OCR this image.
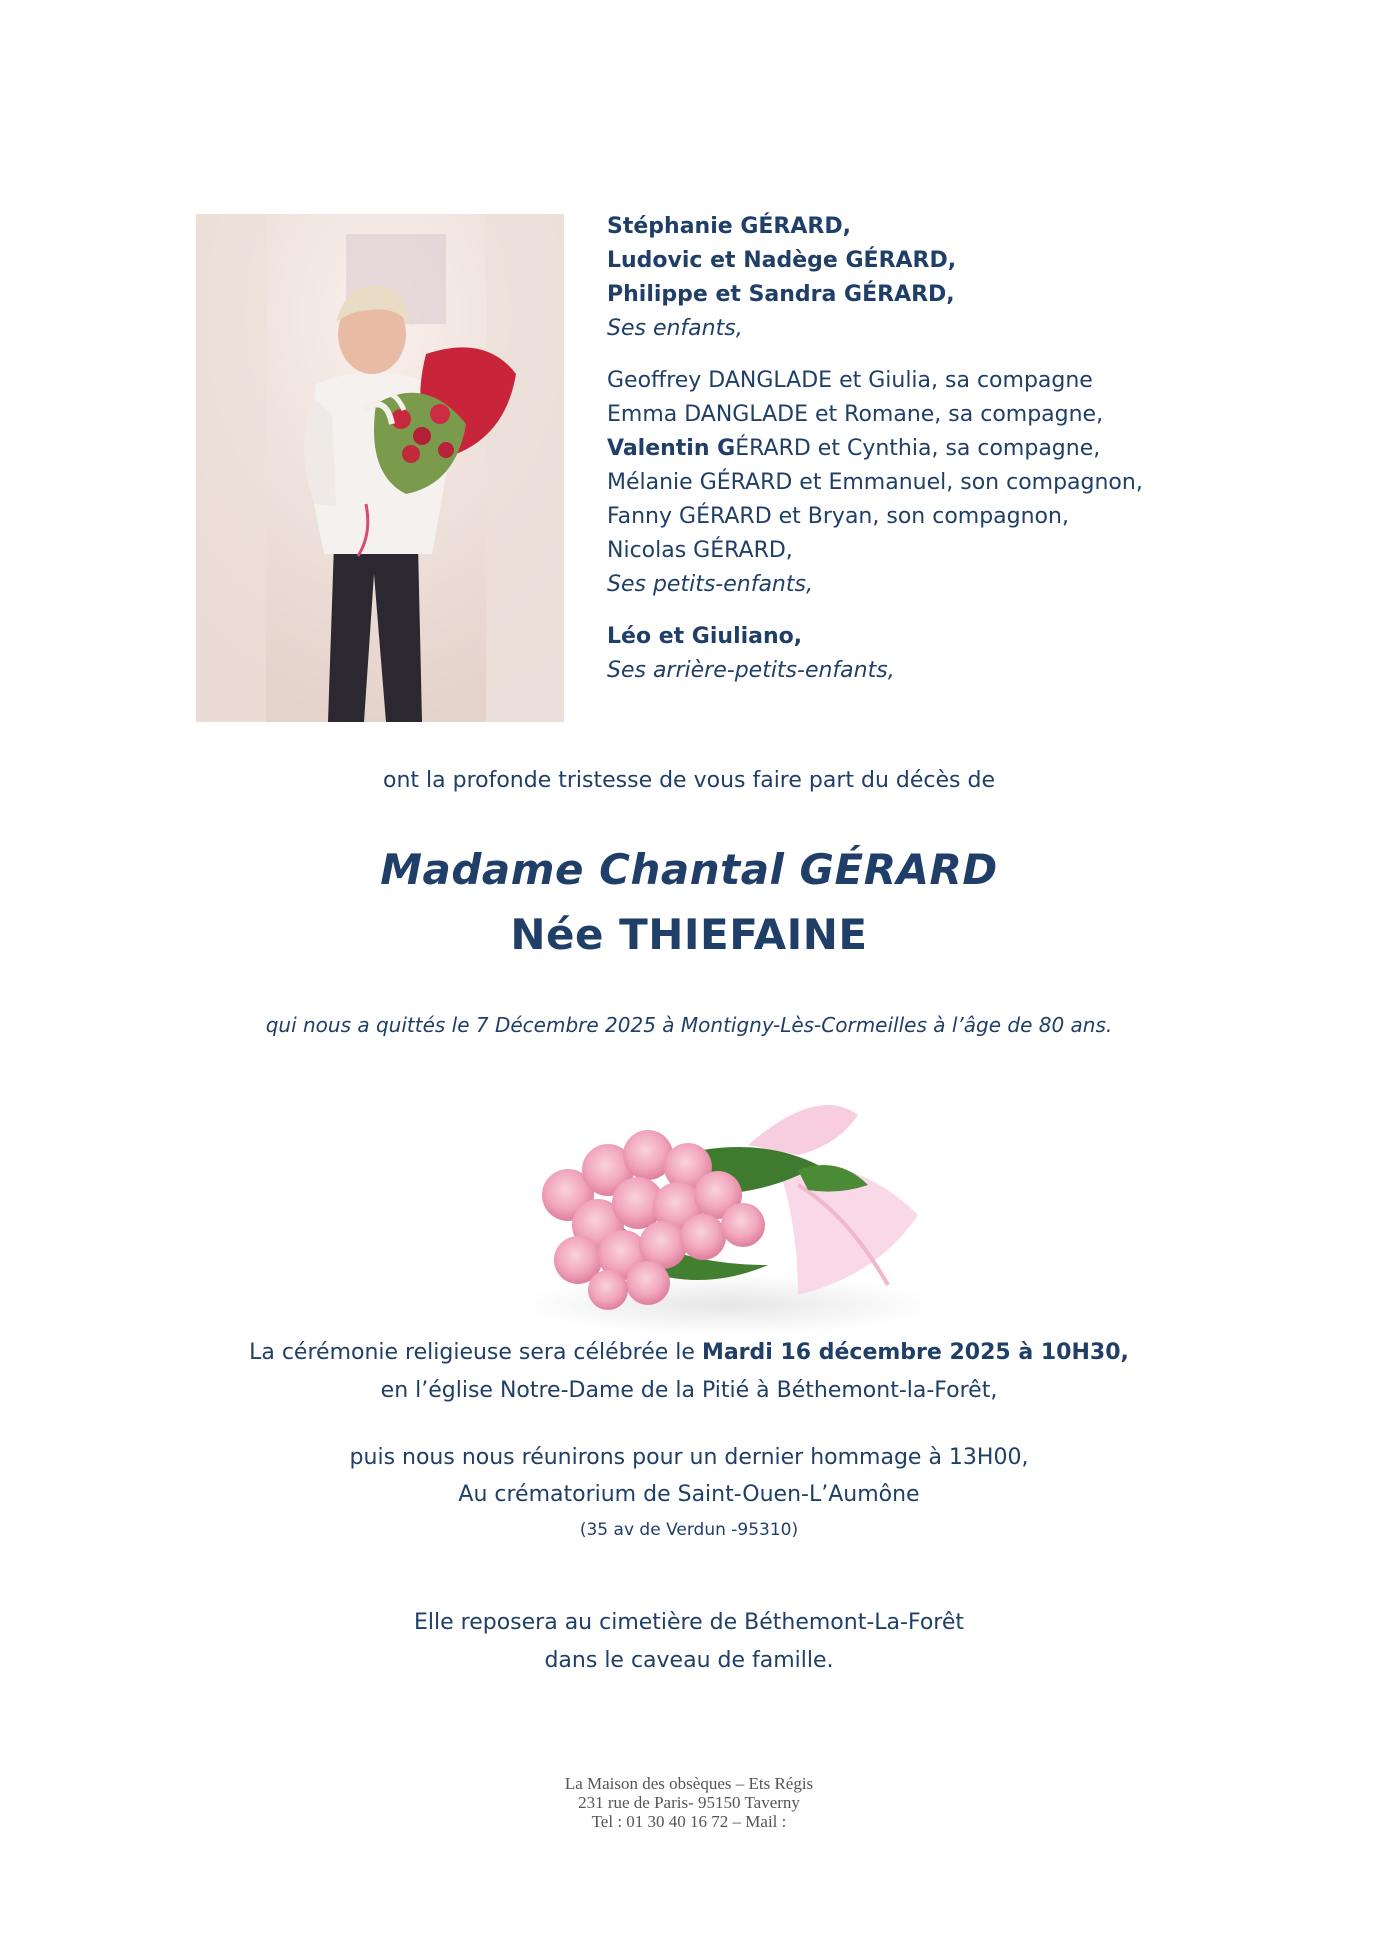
Stéphanie GÉRARD,
Ludovic et Nadège GÉRARD,
Philippe et Sandra GÉRARD,
Ses enfants,
Geoffrey DANGLADE et Giulia, sa compagne
Emma DANGLADE et Romane, sa compagne,
Valentin GÉRARD et Cynthia, sa compagne,
Mélanie GÉRARD et Emmanuel, son compagnon,
Fanny GÉRARD et Bryan, son compagnon,
Nicolas GÉRARD,
Ses petits-enfants,
Léo et Giuliano,
Ses arrière-petits-enfants,
ont la profonde tristesse de vous faire part du décès de
Madame Chantal GÉRARD
Née THIEFAINE
qui nous a quittés le 7 Décembre 2025 à Montigny-Lès-Cormeilles à l’âge de 80 ans.
La cérémonie religieuse sera célébrée le Mardi 16 décembre 2025 à 10H30,
en l’église Notre-Dame de la Pitié à Béthemont-la-Forêt,
puis nous nous réunirons pour un dernier hommage à 13H00,
Au crématorium de Saint-Ouen-L’Aumône
(35 av de Verdun -95310)
Elle reposera au cimetière de Béthemont-La-Forêt
dans le caveau de famille.
La Maison des obsèques – Ets Régis
231 rue de Paris- 95150 Taverny
Tel : 01 30 40 16 72 – Mail :
